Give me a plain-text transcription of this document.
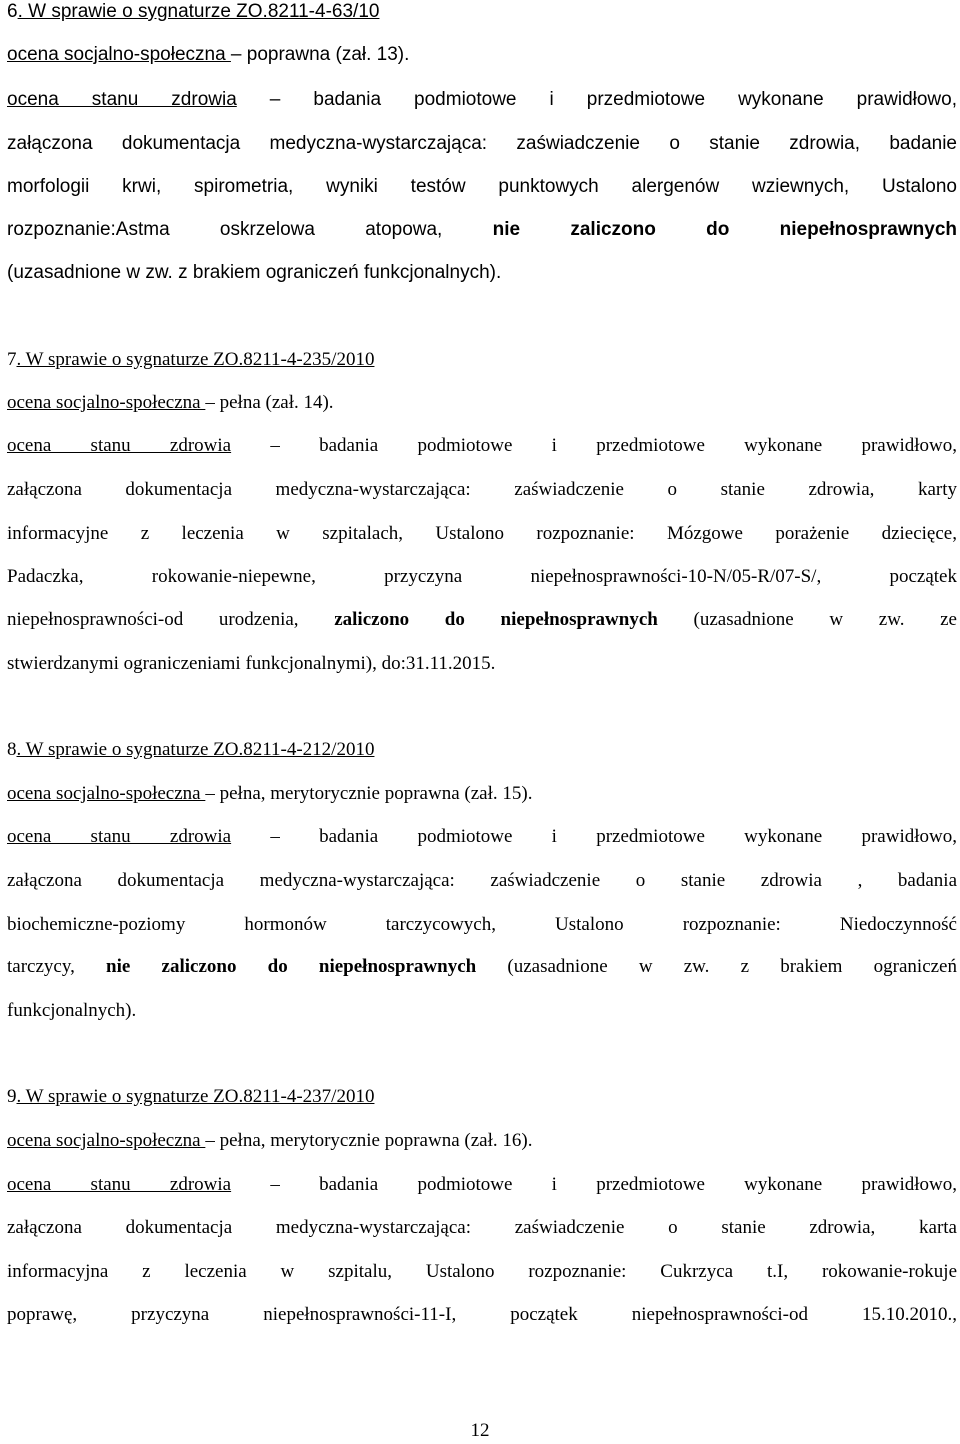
6. W sprawie o sygnaturze ZO.8211-4-63/10
ocena socjalno-społeczna – poprawna (zał. 13).
ocena stanu zdrowia – badania podmiotowe i przedmiotowe wykonane prawidłowo,
załączona dokumentacja medyczna-wystarczająca: zaświadczenie o stanie zdrowia, badanie
morfologii krwi, spirometria, wyniki testów punktowych alergenów wziewnych, Ustalono
rozpoznanie:Astma oskrzelowa atopowa, nie zaliczono do niepełnosprawnych
(uzasadnione w zw. z brakiem ograniczeń funkcjonalnych).
7. W sprawie o sygnaturze ZO.8211-4-235/2010
ocena socjalno-społeczna – pełna (zał. 14).
ocena stanu zdrowia – badania podmiotowe i przedmiotowe wykonane prawidłowo,
załączona dokumentacja medyczna-wystarczająca: zaświadczenie o stanie zdrowia, karty
informacyjne z leczenia w szpitalach, Ustalono rozpoznanie: Mózgowe porażenie dziecięce,
Padaczka, rokowanie-niepewne, przyczyna niepełnosprawności-10-N/05-R/07-S/, początek
niepełnosprawności-od urodzenia, zaliczono do niepełnosprawnych (uzasadnione w zw. ze
stwierdzanymi ograniczeniami funkcjonalnymi), do:31.11.2015.
8. W sprawie o sygnaturze ZO.8211-4-212/2010
ocena socjalno-społeczna – pełna, merytorycznie poprawna (zał. 15).
ocena stanu zdrowia – badania podmiotowe i przedmiotowe wykonane prawidłowo,
załączona dokumentacja medyczna-wystarczająca: zaświadczenie o stanie zdrowia , badania
biochemiczne-poziomy hormonów tarczycowych, Ustalono rozpoznanie: Niedoczynność
tarczycy, nie zaliczono do niepełnosprawnych (uzasadnione w zw. z brakiem ograniczeń
funkcjonalnych).
9. W sprawie o sygnaturze ZO.8211-4-237/2010
ocena socjalno-społeczna – pełna, merytorycznie poprawna (zał. 16).
ocena stanu zdrowia – badania podmiotowe i przedmiotowe wykonane prawidłowo,
załączona dokumentacja medyczna-wystarczająca: zaświadczenie o stanie zdrowia, karta
informacyjna z leczenia w szpitalu, Ustalono rozpoznanie: Cukrzyca t.I, rokowanie-rokuje
poprawę, przyczyna niepełnosprawności-11-I, początek niepełnosprawności-od 15.10.2010.,
12
